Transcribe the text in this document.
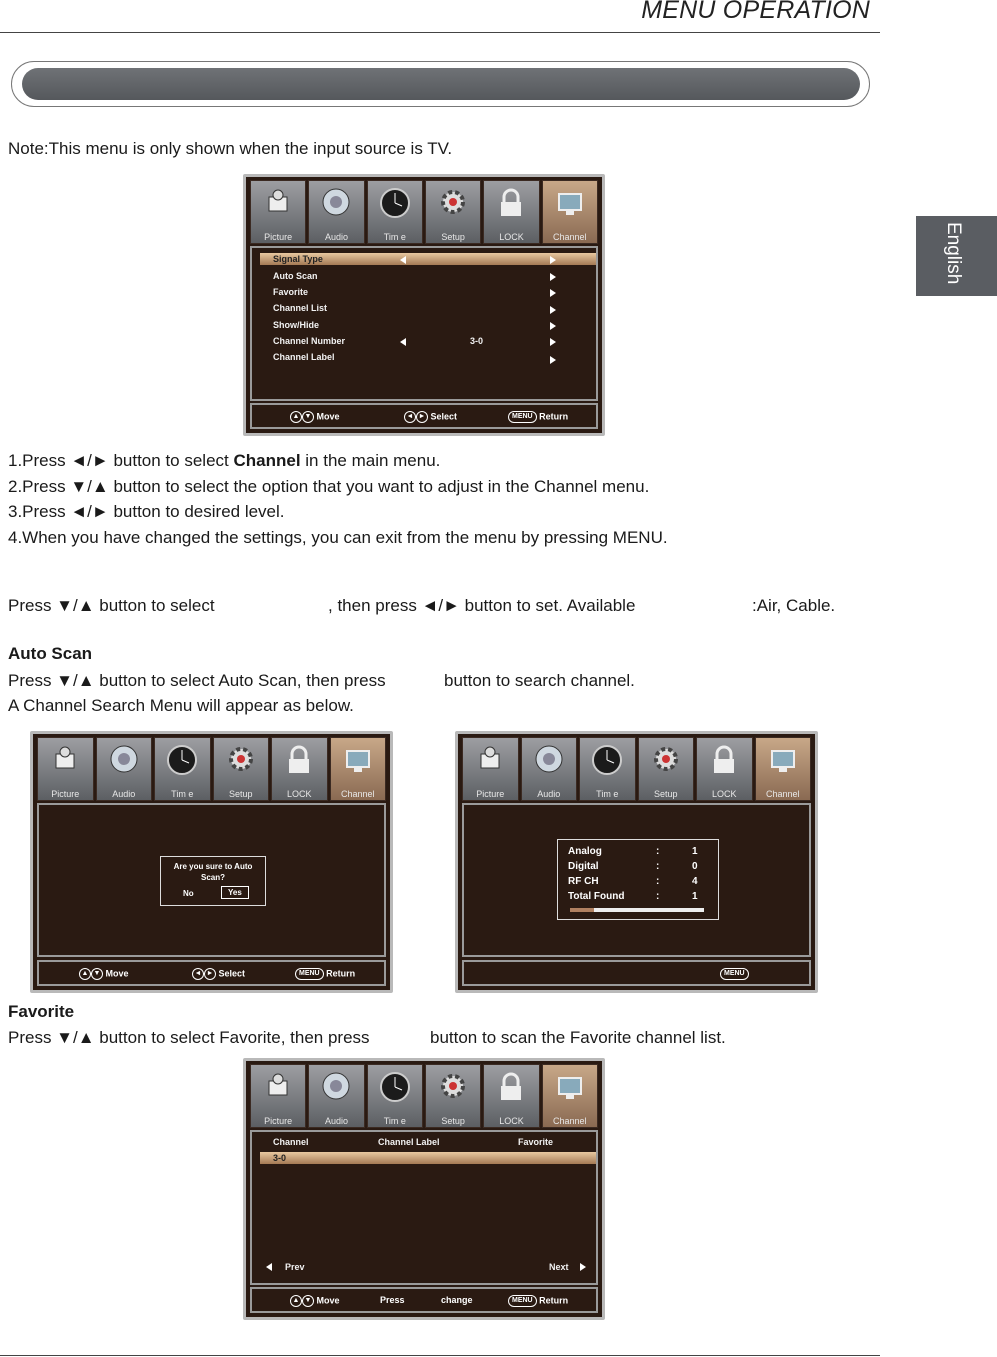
MENU OPERATION
English
Note:This menu is only shown when the input source is TV.
Picture	Audio	Tim e	Setup	LOCK	Channel
Signal Type
Auto Scan
Favorite
Channel List
Show/Hide
Channel Number	3-0
Channel Label
▲ ▼ Move	◄ ► Select	MENU Return
1.Press ◄/► button to select Channel in the main menu.
2.Press ▼/▲ button to select the option that you want to adjust in the Channel menu.
3.Press ◄/► button to desired level.
4.When you have changed the settings, you can exit from the menu by pressing MENU.
Press ▼/▲ button to select	, then press ◄/► button to set. Available	:Air, Cable.
Auto Scan
Press ▼/▲ button to select Auto Scan, then press	button to search channel.
A Channel Search Menu will appear as below.
Picture	Audio	Tim e	Setup	LOCK	Channel
Are you sure to Auto
Scan?
No	Yes
▲ ▼ Move	◄ ► Select	MENU Return
Picture	Audio	Tim e	Setup	LOCK	Channel
Analog	:	1
Digital	:	0
RF CH	:	4
Total Found	:	1
MENU
Favorite
Press ▼/▲ button to select Favorite, then press	button to scan the Favorite channel list.
Picture	Audio	Tim e	Setup	LOCK	Channel
Channel	Channel Label	Favorite
3-0
Prev	Next
▲ ▼ Move	Press	change	MENU Return
